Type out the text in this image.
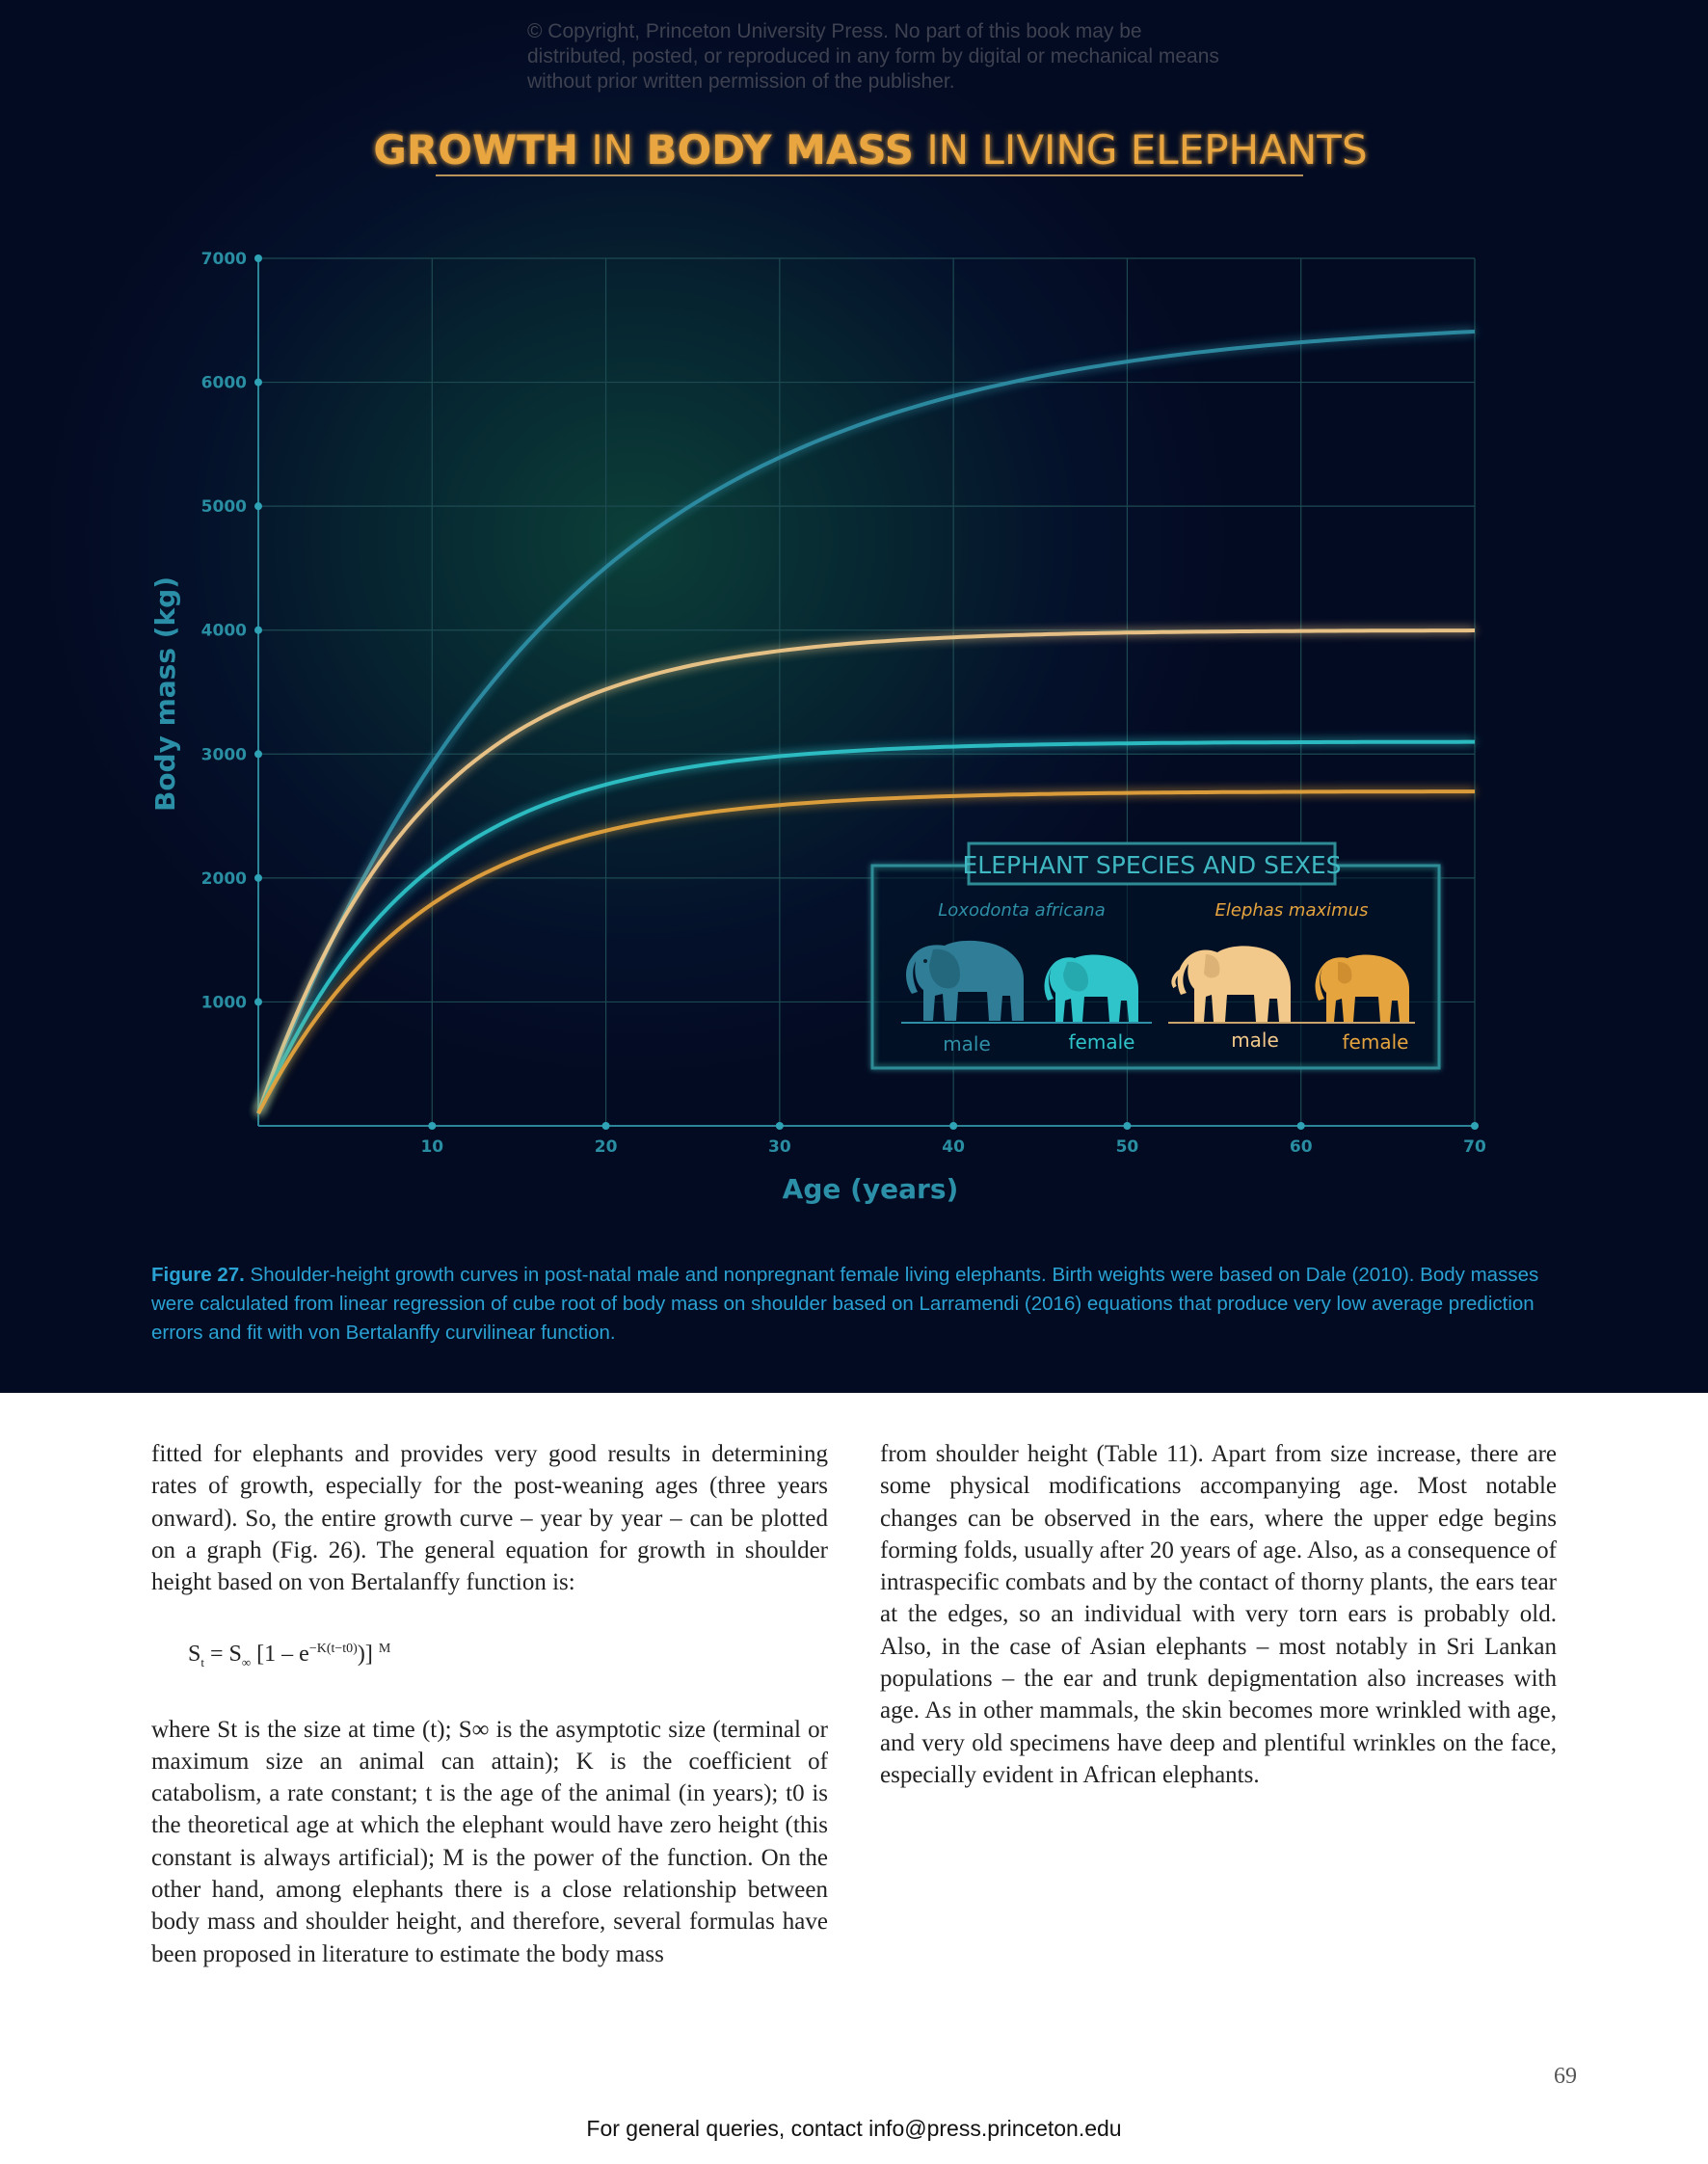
© Copyright, Princeton University Press. No part of this book may be distributed, posted, or reproduced in any form by digital or mechanical means without prior written permission of the publisher.
GROWTH IN BODY MASS IN LIVING ELEPHANTS
10	20	30	40	50	60	70
1000
2000
3000
4000
5000
6000
7000
Age (years)
Body mass (kg)
ELEPHANT SPECIES AND SEXES
Loxodonta africana	Elephas maximus
male	female	male	female
Figure 27. Shoulder-height growth curves in post-natal male and nonpregnant female living elephants. Birth weights were based on Dale (2010). Body masses were calculated from linear regression of cube root of body mass on shoulder based on Larramendi (2016) equations that produce very low average prediction errors and fit with von Bertalanffy curvilinear function.

fitted for elephants and provides very good results in determining rates of growth, especially for the post-weaning ages (three years onward). So, the entire growth curve – year by year – can be plotted on a graph (Fig. 26). The general equation for growth in shoulder height based on von Bertalanffy function is:

$S_t = S_\infty$ $[1 - e^{-K(t-t0)})$] $^M$

where St is the size at time (t); S∞ is the asymptotic size (terminal or maximum size an animal can attain); K is the coefficient of catabolism, a rate constant; t is the age of the animal (in years); t0 is the theoretical age at which the elephant would have zero height (this constant is always artificial); M is the power of the function. On the other hand, among elephants there is a close relationship between body mass and shoulder height, and therefore, several formulas have been proposed in literature to estimate the body mass

from shoulder height (Table 11). Apart from size increase, there are some physical modifications accompanying age. Most notable changes can be observed in the ears, where the upper edge begins forming folds, usually after 20 years of age. Also, as a consequence of intraspecific combats and by the contact of thorny plants, the ears tear at the edges, so an individual with very torn ears is probably old. Also, in the case of Asian elephants – most notably in Sri Lankan populations – the ear and trunk depigmentation also increases with age. As in other mammals, the skin becomes more wrinkled with age, and very old specimens have deep and plentiful wrinkles on the face, especially evident in African elephants.

69
For general queries, contact info@press.princeton.edu
